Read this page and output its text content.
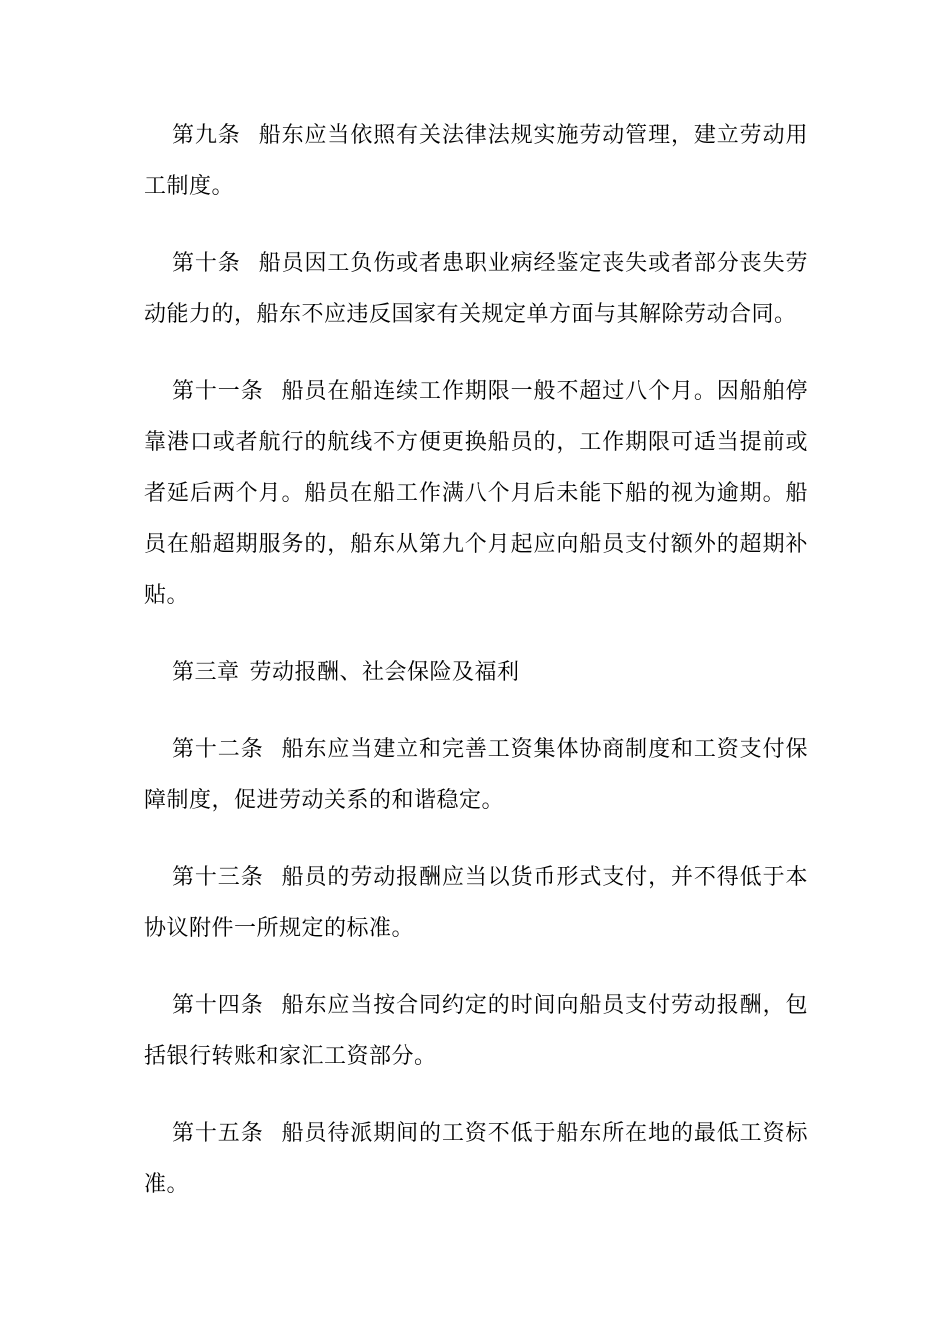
第九条 船东应当依照有关法律法规实施劳动管理，建立劳动用工制度。

第十条 船员因工负伤或者患职业病经鉴定丧失或者部分丧失劳动能力的，船东不应违反国家有关规定单方面与其解除劳动合同。

第十一条 船员在船连续工作期限一般不超过八个月。因船舶停靠港口或者航行的航线不方便更换船员的，工作期限可适当提前或者延后两个月。船员在船工作满八个月后未能下船的视为逾期。船员在船超期服务的，船东从第九个月起应向船员支付额外的超期补贴。

第三章 劳动报酬、社会保险及福利

第十二条 船东应当建立和完善工资集体协商制度和工资支付保障制度，促进劳动关系的和谐稳定。

第十三条 船员的劳动报酬应当以货币形式支付，并不得低于本协议附件一所规定的标准。

第十四条 船东应当按合同约定的时间向船员支付劳动报酬，包括银行转账和家汇工资部分。

第十五条 船员待派期间的工资不低于船东所在地的最低工资标准。
